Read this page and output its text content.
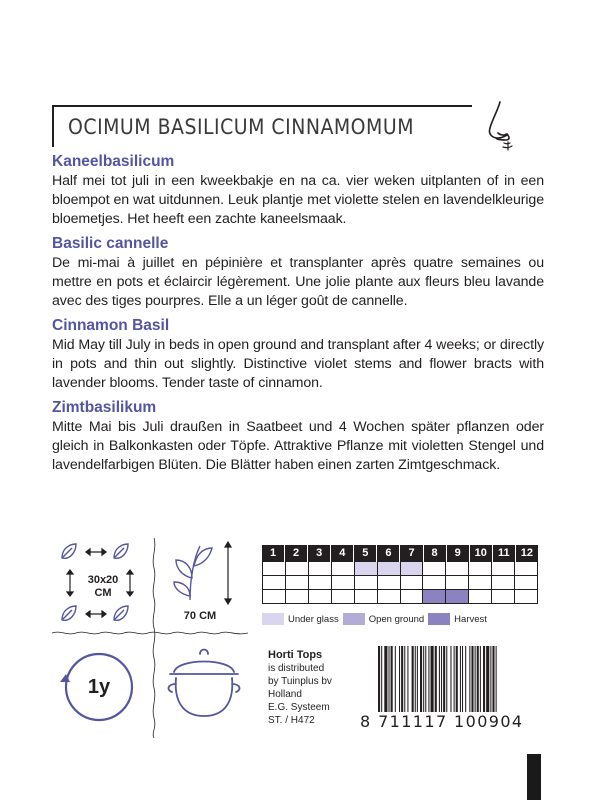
OCIMUM BASILICUM CINNAMOMUM
Kaneelbasilicum

Half mei tot juli in een kweekbakje en na ca. vier weken uitplanten of in een bloempot en wat uitdunnen. Leuk plantje met violette stelen en lavendelkleurige bloemetjes. Het heeft een zachte kaneelsmaak.

Basilic cannelle

De mi-mai à juillet en pépinière et transplanter après quatre semaines ou mettre en pots et éclaircir légèrement. Une jolie plante aux fleurs bleu lavande avec des tiges pourpres. Elle a un léger goût de cannelle.

Cinnamon Basil

Mid May till July in beds in open ground and transplant after 4 weeks; or directly in pots and thin out slightly. Distinctive violet stems and flower bracts with lavender blooms. Tender taste of cinnamon.

Zimtbasilikum

Mitte Mai bis Juli draußen in Saatbeet und 4 Wochen später pflanzen oder gleich in Balkonkasten oder Töpfe. Attraktive Pflanze mit violetten Stengel und lavendelfarbigen Blüten. Die Blätter haben einen zarten Zimtgeschmack.

30x20
CM
70 CM
1y
1	2	3	4	5	6	7	8	9	10	11	12
Under glass	Open ground	Harvest
Horti Tops
is distributed
by Tuinplus bv
Holland
E.G. Systeem
ST. / H472	8 711117 100904
